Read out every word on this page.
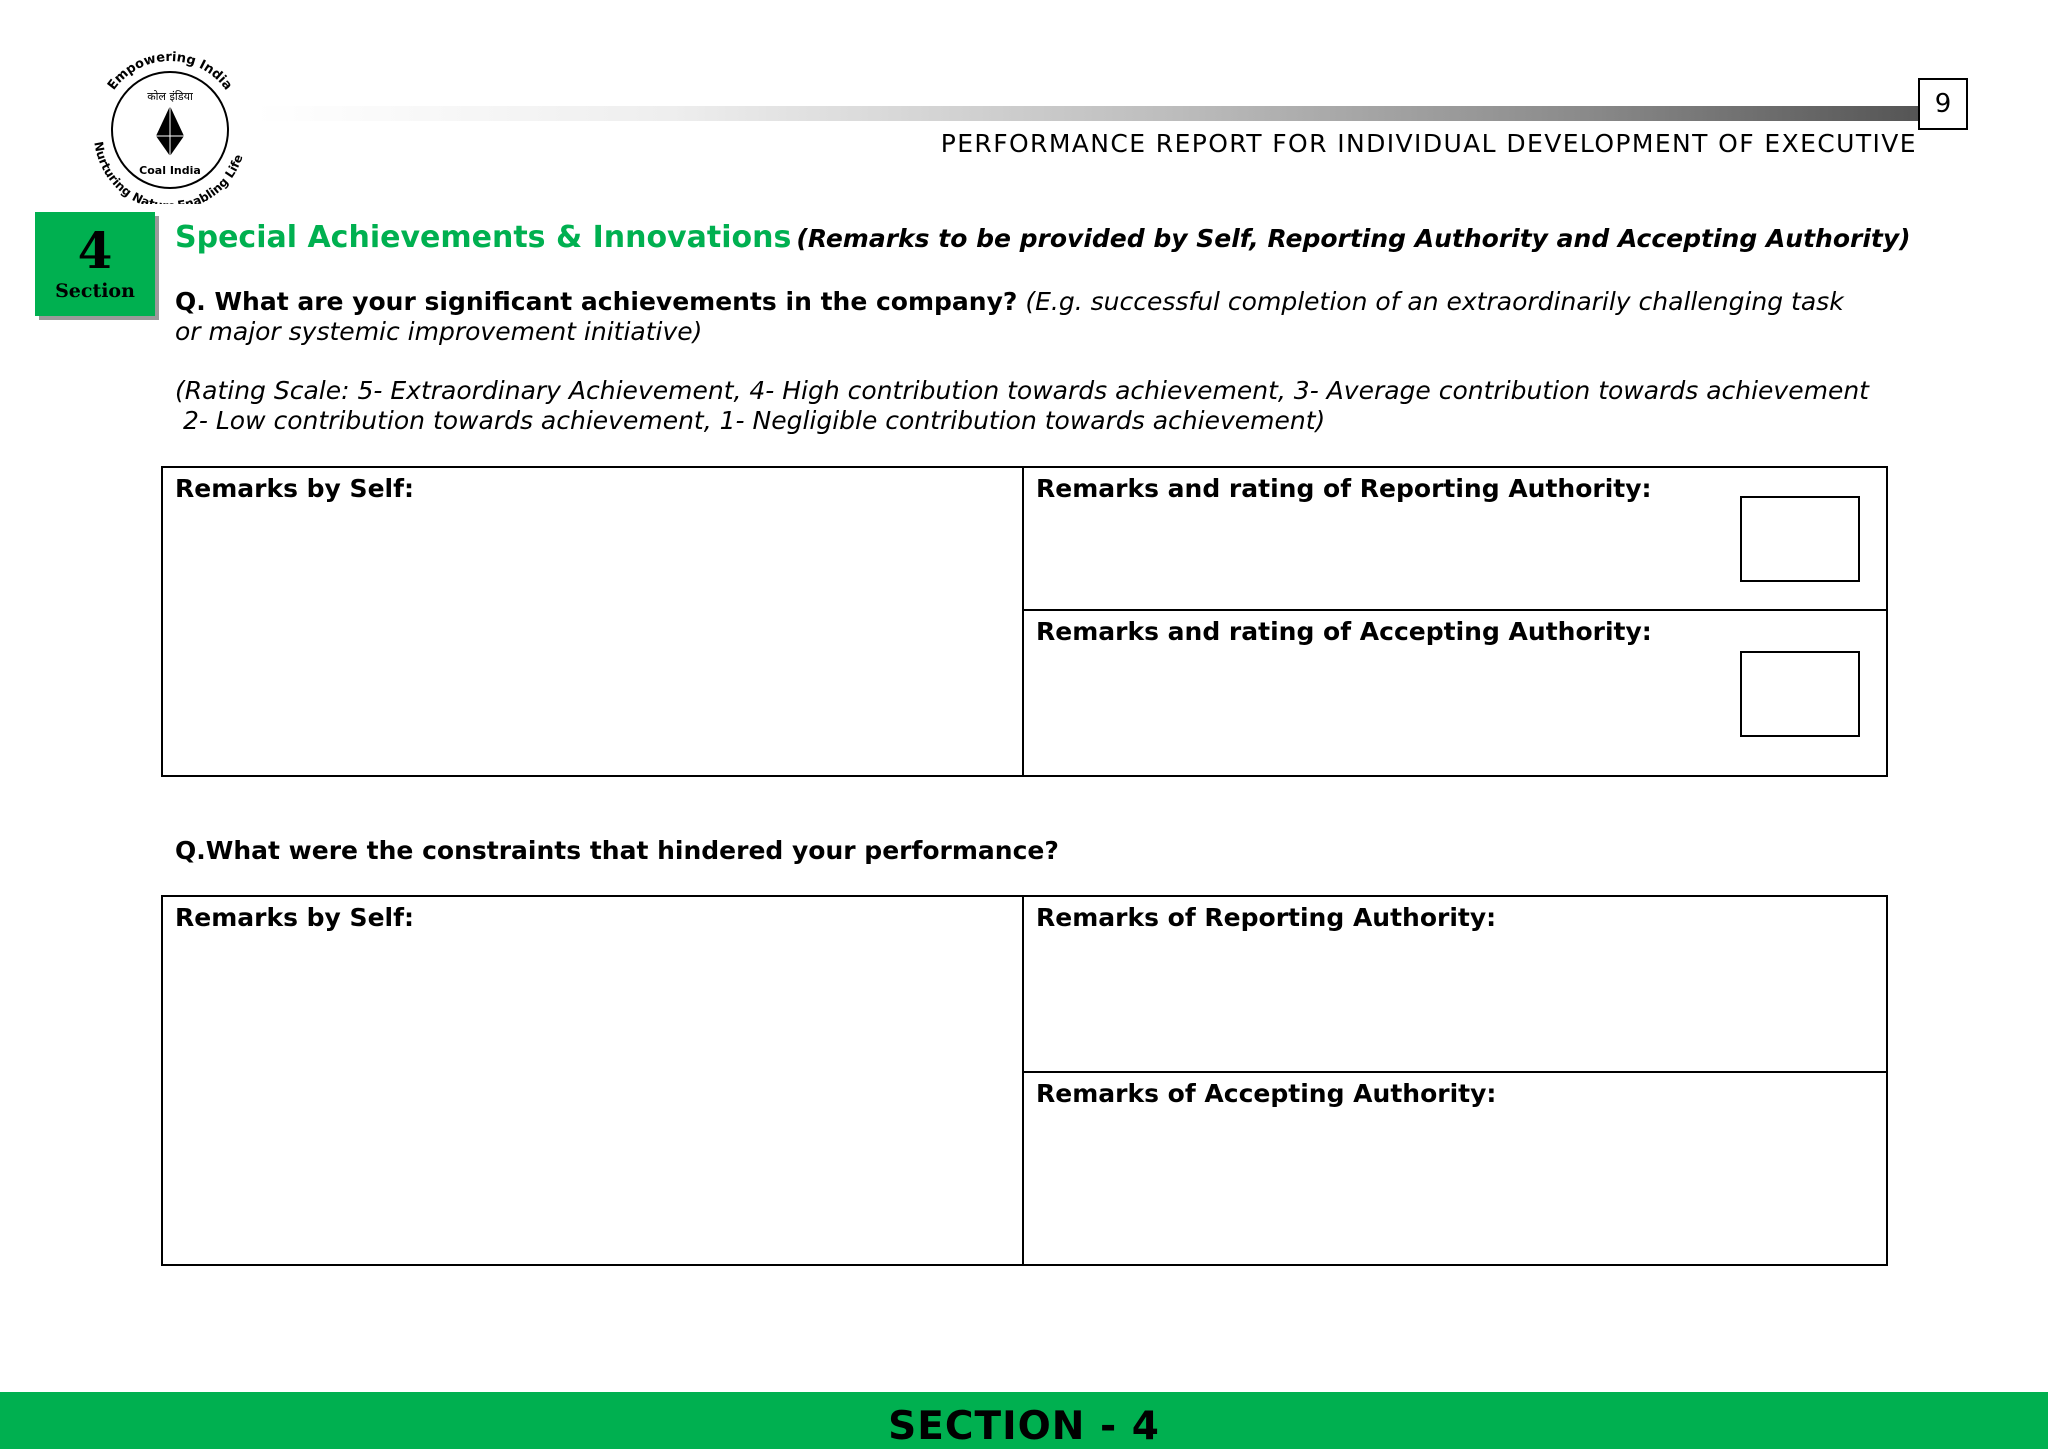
Empowering India
Nurturing Nat	nabling Life
कोल इंडिया
Coal India
9
PERFORMANCE REPORT FOR INDIVIDUAL DEVELOPMENT OF EXECUTIVE
4
Section
Special Achievements & Innovations (Remarks to be provided by Self, Reporting Authority and Accepting Authority)
Q. What are your significant achievements in the company? (E.g. successful completion of an extraordinarily challenging task or major systemic improvement initiative)
(Rating Scale: 5- Extraordinary Achievement, 4- High contribution towards achievement, 3- Average contribution towards achievement
2- Low contribution towards achievement, 1- Negligible contribution towards achievement)
Remarks by Self:	Remarks and rating of Reporting Authority:
Remarks and rating of Accepting Authority:
Q.What were the constraints that hindered your performance?
Remarks by Self:	Remarks of Reporting Authority:
Remarks of Accepting Authority:
SECTION - 4
